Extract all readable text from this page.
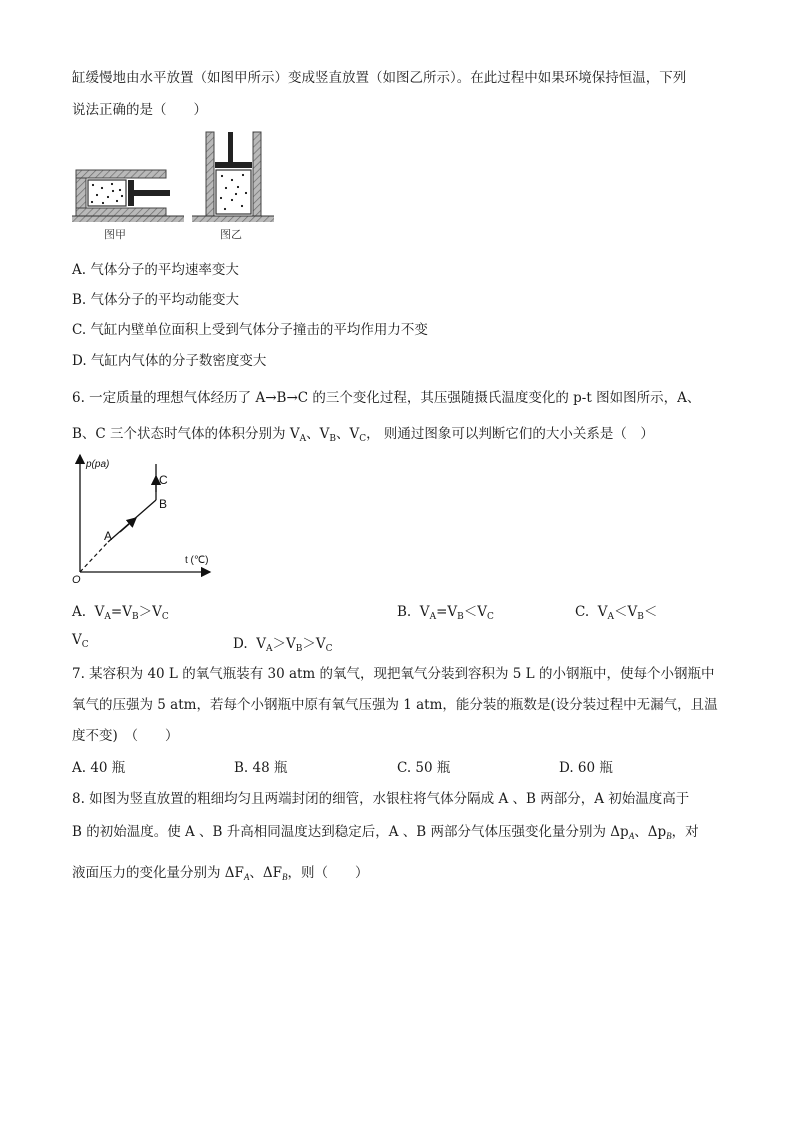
缸缓慢地由水平放置（如图甲所示）变成竖直放置（如图乙所示）。在此过程中如果环境保持恒温，下列
说法正确的是（　　）
图甲	图乙
A. 气体分子的平均速率变大
B. 气体分子的平均动能变大
C. 气缸内壁单位面积上受到气体分子撞击的平均作用力不变
D. 气缸内气体的分子数密度变大
6. 一定质量的理想气体经历了 A→B→C 的三个变化过程，其压强随摄氏温度变化的 p-t 图如图所示，A、
B、C 三个状态时气体的体积分别为 $V_A$、$V_B$、$V_C$， 则通过图象可以判断它们的大小关系是（　）
p(pa)
t (℃)
O
A
B
C
A.  $V_A=V_B>V_C$	B.  $V_A=V_B<V_C$	C.  $V_A<V_B<$
$V_C$	D.  $V_A>V_B>V_C$
7. 某容积为 40 L 的氧气瓶装有 30 atm 的氧气，现把氧气分装到容积为 5 L 的小钢瓶中，使每个小钢瓶中
氧气的压强为 5 atm，若每个小钢瓶中原有氧气压强为 1 atm，能分装的瓶数是(设分装过程中无漏气，且温
度不变)　（　　）
A. 40 瓶	B. 48 瓶	C. 50 瓶	D. 60 瓶
8. 如图为竖直放置的粗细均匀且两端封闭的细管，水银柱将气体分隔成 A 、B 两部分，A 初始温度高于
B 的初始温度。使 A 、B 升高相同温度达到稳定后，A 、B 两部分气体压强变化量分别为 $\Delta p_A$、$\Delta p_B$，对
液面压力的变化量分别为 $\Delta F_A$、$\Delta F_B$，则（　　）
